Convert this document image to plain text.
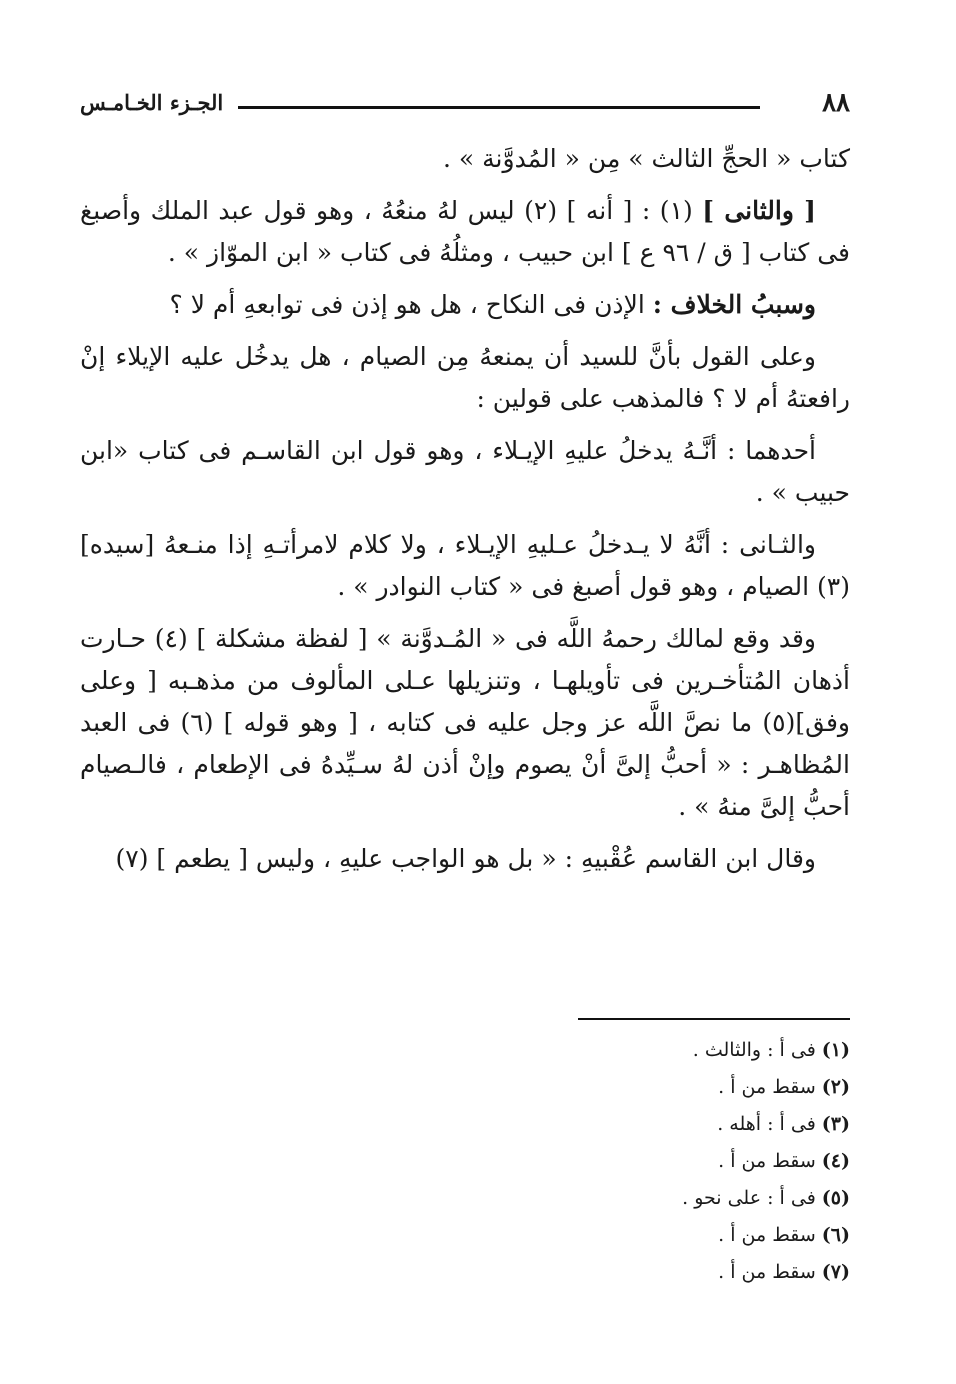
٨٨
الجـزء الخـامـس

كتاب « الحجِّ الثالث » مِن « المُدوَّنة » .

[ والثانى ] (١) : [ أنه ] (٢) ليس لهُ منعُهُ ، وهو قول عبد الملك وأصبغ فى كتاب [ ق / ٩٦ ع ] ابن حبيب ، ومثلُهُ فى كتاب « ابن الموّاز » .

وسببُ الخلاف : الإذن فى النكاح ، هل هو إذن فى توابعهِ أم لا ؟

وعلى القول بأنَّ للسيد أن يمنعهُ مِن الصيام ، هل يدخُل عليه الإيلاء إنْ رافعتهُ أم لا ؟ فالمذهب على قولين :

أحدهما : أنَّـهُ يدخلُ عليهِ الإيـلاء ، وهو قول ابن القاسـم فى كتاب «ابن حبيب » .

والثـانى : أنَّهُ لا يـدخلُ عـليهِ الإيـلاء ، ولا كلام لامرأتـهِ إذا منـعهُ [سيده](٣) الصيام ، وهو قول أصبغ فى « كتاب النوادر » .

وقد وقع لمالك رحمهُ اللَّه فى « المُـدوَّنة » [ لفظة مشكلة ] (٤) حـارت أذهان المُتأخـرين فى تأويلهـا ، وتنزيلها عـلى المألوف من مذهـبه [ وعلى وفق](٥) ما نصَّ اللَّه عز وجل عليه فى كتابه ، [ وهو قوله ] (٦) فى العبد المُظاهـر : « أحبُّ إلىَّ أنْ يصوم وإنْ أذن لهُ سـيِّدهُ فى الإطعام ، فالـصيام أحبُّ إلىَّ منهُ » .

وقال ابن القاسم عُقْبيهِ : « بل هو الواجب عليهِ ، وليس [ يطعم ] (٧)

(١)فى أ : والثالث .
(٢)سقط من أ .
(٣)فى أ : أهله .
(٤)سقط من أ .
(٥)فى أ : على نحو .
(٦)سقط من أ .
(٧)سقط من أ .
